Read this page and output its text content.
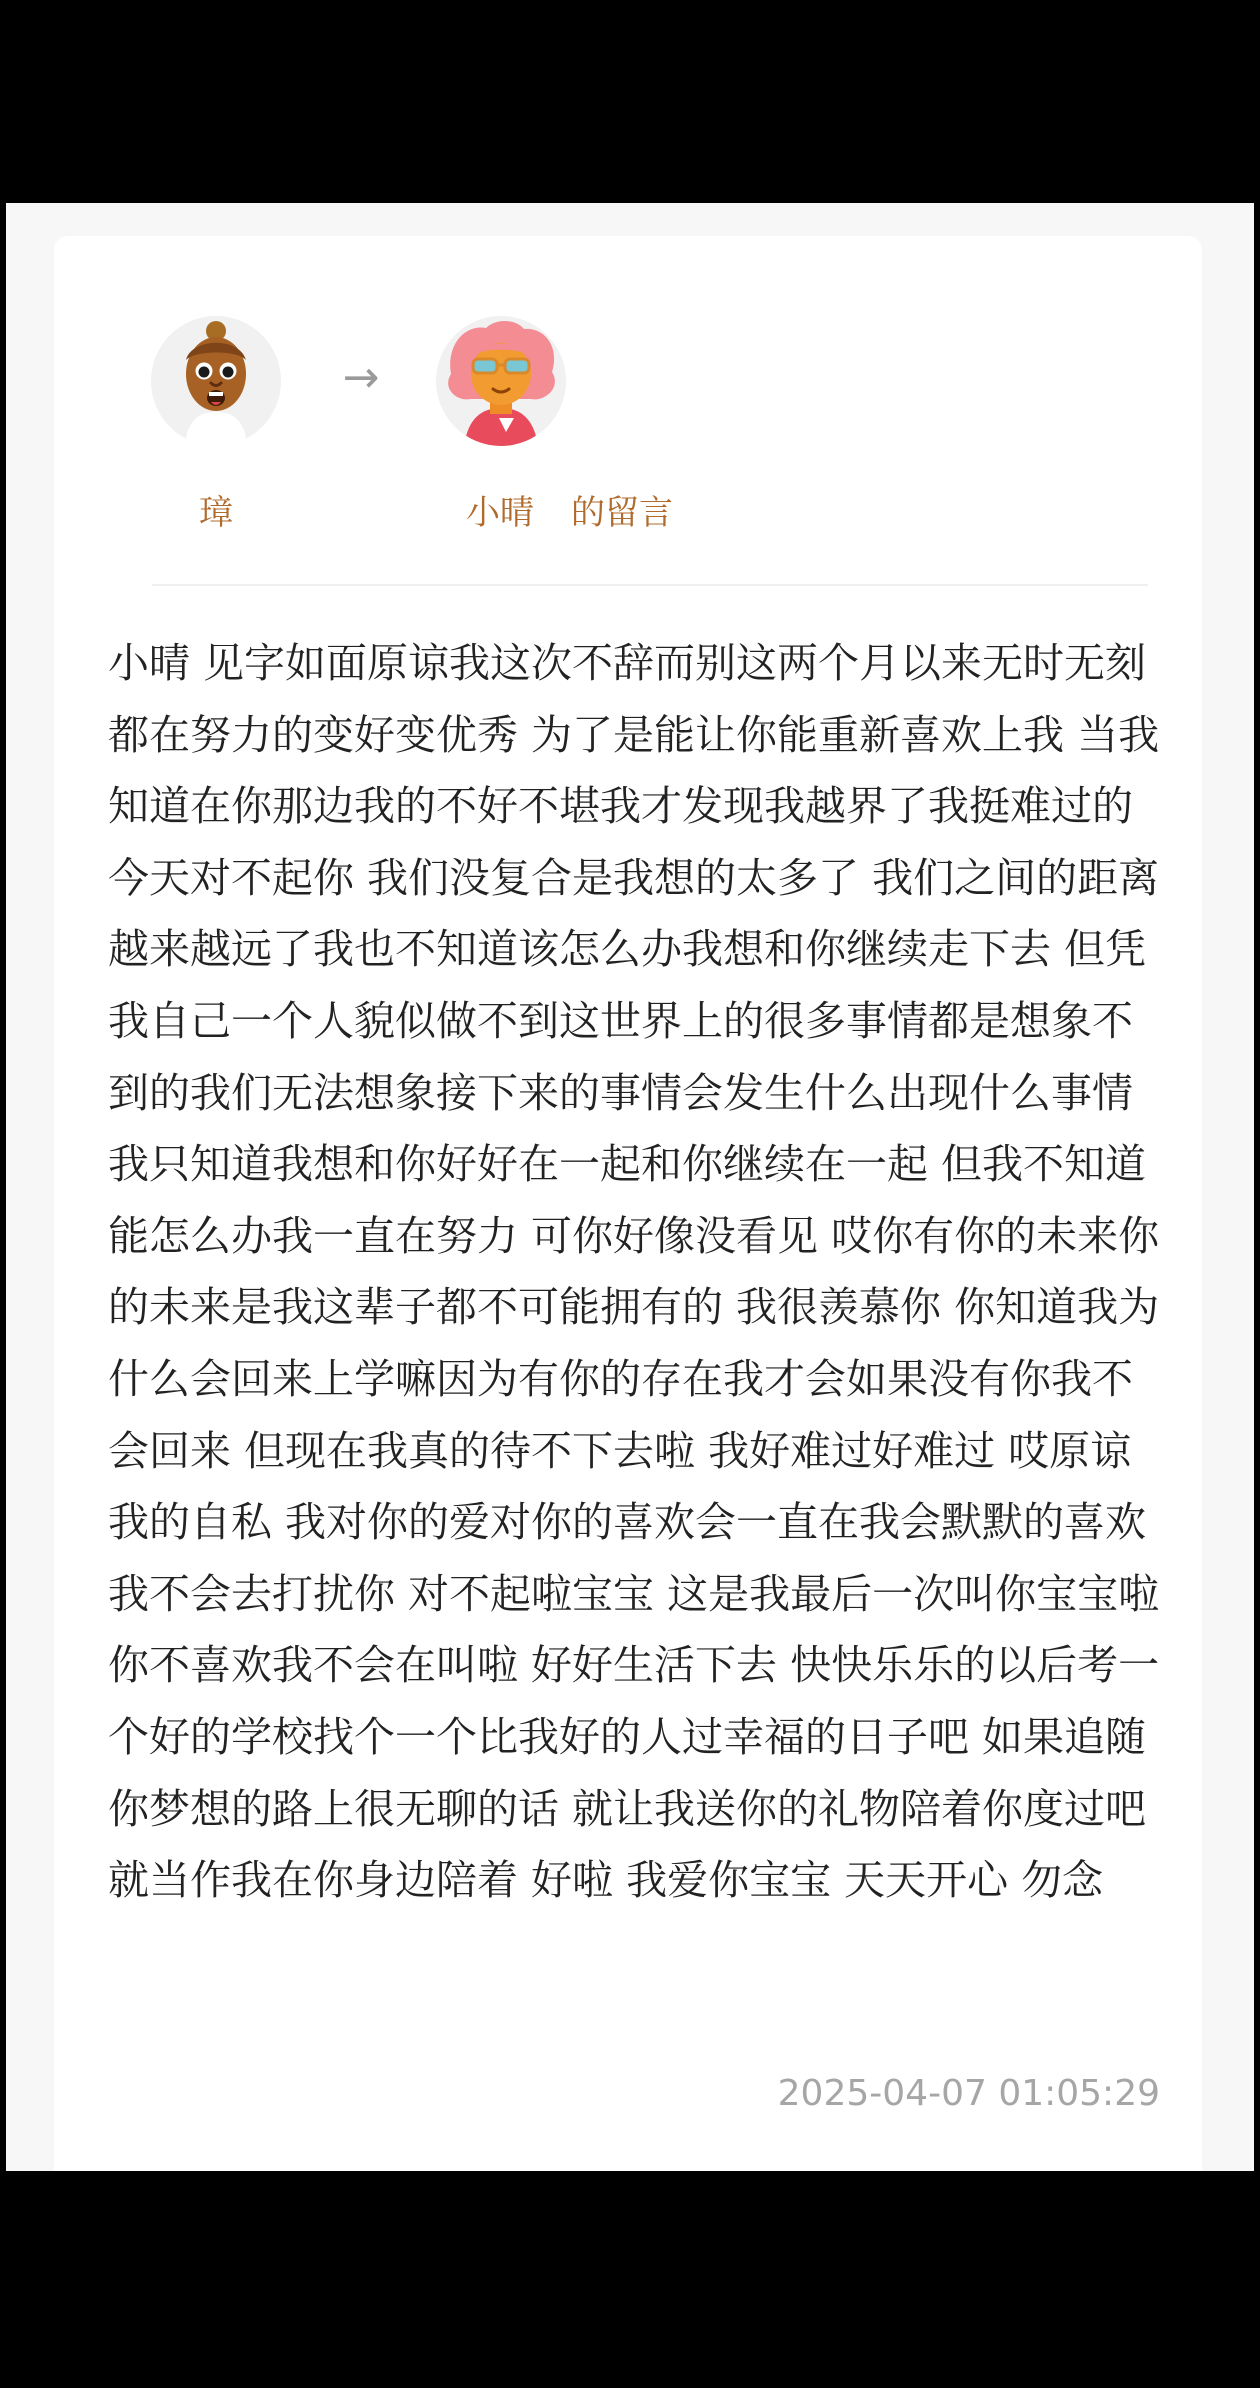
→
璋	小晴 的留言

小晴 见字如面原谅我这次不辞而别这两个月以来无时无刻都在努力的变好变优秀 为了是能让你能重新喜欢上我 当我知道在你那边我的不好不堪我才发现我越界了我挺难过的今天对不起你 我们没复合是我想的太多了 我们之间的距离越来越远了我也不知道该怎么办我想和你继续走下去 但凭我自己一个人貌似做不到这世界上的很多事情都是想象不到的我们无法想象接下来的事情会发生什么出现什么事情 我只知道我想和你好好在一起和你继续在一起 但我不知道能怎么办我一直在努力 可你好像没看见 哎你有你的未来你的未来是我这辈子都不可能拥有的 我很羡慕你 你知道我为什么会回来上学嘛因为有你的存在我才会如果没有你我不会回来 但现在我真的待不下去啦 我好难过好难过 哎原谅我的自私 我对你的爱对你的喜欢会一直在我会默默的喜欢 我不会去打扰你 对不起啦宝宝 这是我最后一次叫你宝宝啦 你不喜欢我不会在叫啦 好好生活下去 快快乐乐的以后考一个好的学校找个一个比我好的人过幸福的日子吧 如果追随你梦想的路上很无聊的话 就让我送你的礼物陪着你度过吧就当作我在你身边陪着 好啦 我爱你宝宝 天天开心 勿念

2025-04-07 01:05:29
